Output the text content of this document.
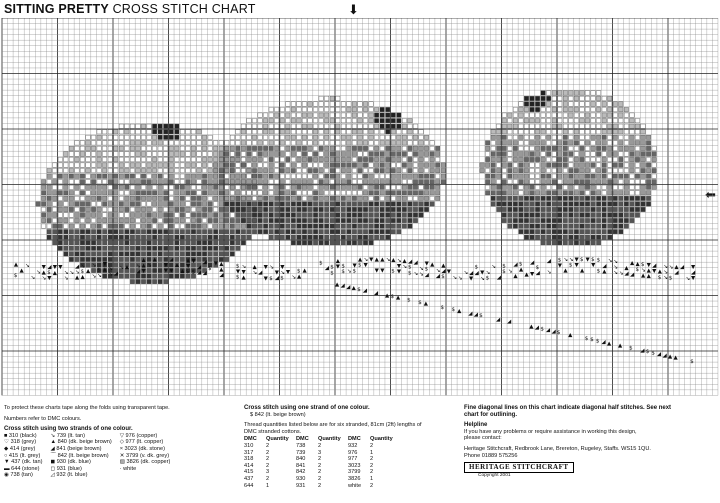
SITTING PRETTY CROSS STITCH CHART	⬇
⬅
▲
$
▲
↘
↘
↘
▼
▲
↘
◢
$
▼
▼
▲
▼
↘
↘
↘
◢
↘
▲
↘
$
▲
▲
↘
↘
$
↘
▼
▲ ↘
↘ ◢
↘ ▲ ↘
◢
▲
▲
▼
↘
▲
▼
▼
◢
▼
▲
▲
▲
▼
$
▼
$
◢
◢
◢
◢
$
▼ ▲
▲
◢
$
▼
$
↘
▼
▲
▲
↘ ◢
▼
▼
↘
$
▼
◢
▼
↘
$
▼
↘
$
▲
▲
$
◢ $
$
▲
▼ $
$ ↘
▼
$
▲
$
↘
▼
▼ ▲
▼
▲
▼
↘ ▲
$
↘
▼
▼
▲
↘
◢
$
$
◢
↘
↘
↘
▼
$
◢
▲
↘
◢
▲
◢
$
▼
↘ ↘
↘ ◢
▼
$
◢ ▼
↘
↘
$
↘
◢
$
$ ↘
◢
▲
$
▲
▲
◢
▼
$
◢
◢
↘
$
▼
↘
▲
↘
$
▼
▼
$
▲
▼ $
▼
$
$
◢
▲
↘ ↘
↘
↘ ↘
▲
◢
▲
◢
▲
$
$
↘
▲
▼
▲
▲
◢
▼ ▲
$
↘
↘
↘
↘
$
▲
◢
◢
↘
▼
◢
▼
▲ ◢ ◢ ▲ $ ◢ ◢ ▲ $ ▲ $ $ ▲
$ $ ▲ ◢ ◢ $
◢ ◢
▲ ◢ $ ◢ ◢ $ ▲
$ $ $ ◢ ▲ ▲ $ ◢ $ $ ◢ ◢ ▲ ▲
$
To protect these charts tape along the folds using transparent tape.
Numbers refer to DMC colours.
Cross stitch using two strands of one colour.
■ 310 (black)	↘ 739 (lt. tan)	▽ 976 (copper)
♡ 318 (grey)	▲ 840 (dk. beige brown) ◇ 977 (lt. copper)
◆ 414 (grey)	◢ 841 (beige brown)	× 3023 (dk. stone)
○ 415 (lt. grey)	⌒ 842 (lt. beige brown)	✕ 3799 (v. dk. grey)
▼ 437 (dk. tan) ◼ 930 (dk. blue)	▨ 3826 (dk. copper)
▬ 644 (stone)	◻ 931 (blue)	· white
◉ 738 (tan)	◿ 932 (lt. blue)
Cross stitch using one strand of one colour.
$ 842 (lt. beige brown)
Thread quantities listed below are for six stranded, 81cm (2ft) lengths of DMC stranded cottons.
DMC	Quantity	DMC	Quantity	DMC	Quantity
310	2	738	2	932	2
317	2	739	3	976	1
318	2	840	2	977	2
414	2	841	2	3023	2
415	3	842	2	3799	2
437	2	930	2	3826	1
644	1	931	2	white	2
Fine diagonal lines on this chart indicate diagonal half stitches. See next chart for outlining.
Helpline
If you have any problems or require assistance in working this design,
please contact:
Heritage Stitchcraft, Redbrook Lane, Brereton, Rugeley, Staffs. WS15 1QU. Phone 01889 575256
HERITAGE STITCHCRAFT
Copyright 2001
